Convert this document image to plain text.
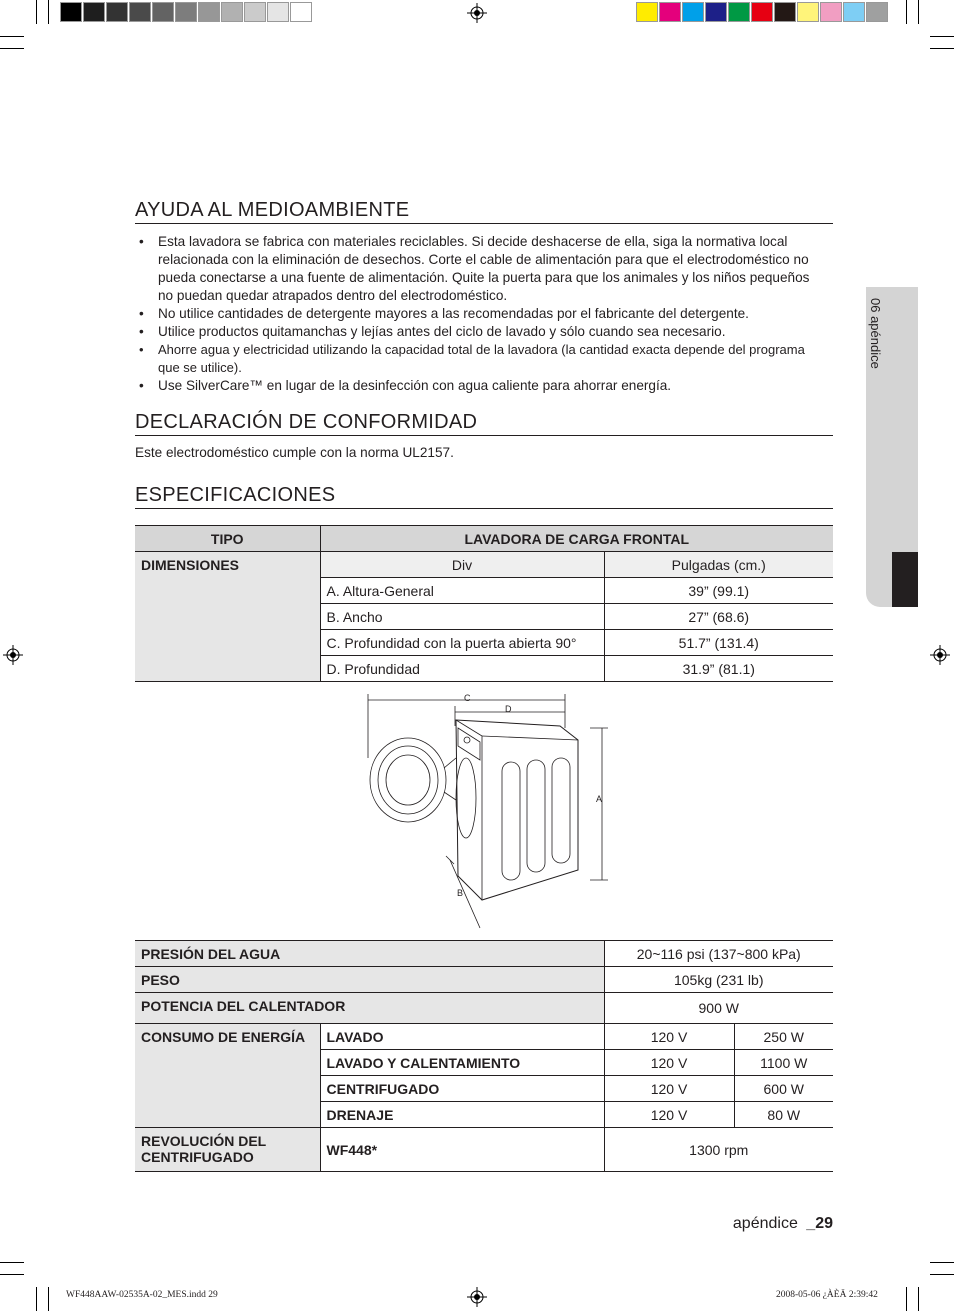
06 apéndice
AYUDA AL MEDIOAMBIENTE
• Esta lavadora se fabrica con materiales reciclables. Si decide deshacerse de ella, siga la normativa local relacionada con la eliminación de desechos. Corte el cable de alimentación para que el electrodoméstico no pueda conectarse a una fuente de alimentación. Quite la puerta para que los animales y los niños pequeños no puedan quedar atrapados dentro del electrodoméstico.
• No utilice cantidades de detergente mayores a las recomendadas por el fabricante del detergente.
• Utilice productos quitamanchas y lejías antes del ciclo de lavado y sólo cuando sea necesario.
• Ahorre agua y electricidad utilizando la capacidad total de la lavadora (la cantidad exacta depende del programa que se utilice).
• Use SilverCare™ en lugar de la desinfección con agua caliente para ahorrar energía.
DECLARACIÓN DE CONFORMIDAD
Este electrodoméstico cumple con la norma UL2157.
ESPECIFICACIONES
TIPO	LAVADORA DE CARGA FRONTAL	
DIMENSIONES	Div	Pulgadas (cm.)
	A. Altura-General	39” (99.1)
	B. Ancho	27” (68.6)
	C. Profundidad con la puerta abierta 90°	51.7” (131.4)
	D. Profundidad	31.9” (81.1)
C
D
A
B
PRESIÓN DEL AGUA		20~116 psi (137~800 kPa)	
PESO		105kg (231 lb)	
POTENCIA DEL CALENTADOR		900 W	
CONSUMO DE ENERGÍA	LAVADO	120 V	250 W
	LAVADO Y CALENTAMIENTO	120 V	1100 W
	CENTRIFUGADO	120 V	600 W
	DRENAJE	120 V	80 W
REVOLUCIÓN DEL CENTRIFUGADO	WF448*	1300 rpm	
apéndice _29
WF448AAW-02535A-02_MES.indd 29	2008-05-06 ¿ÀÈÄ 2:39:42
